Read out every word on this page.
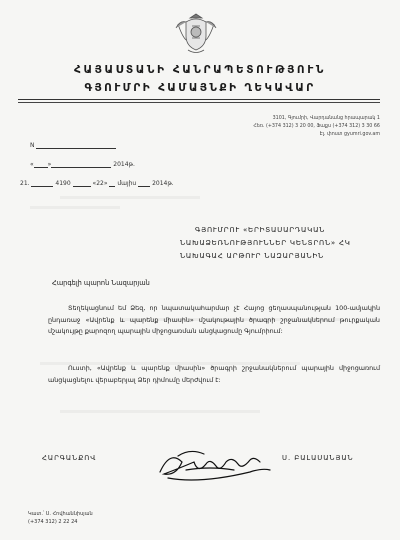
ՀԱՅԱՍՏԱՆԻ ՀԱՆՐԱՊԵՏՈՒԹՅՈՒՆ
ԳՅՈՒՄՐԻ ՀԱՄԱՅՆՔԻ ՂԵԿԱՎԱՐ
3101, Գյումրի, Վարդանանց հրապարակ 1
Հեռ. (+374 312) 3 20 00, Ֆաքս (+374 312) 3 30 66
Էլ. փոստ gyumri.gov.am
N
« »	2014թ.
21.	4190	«22» մայիս	2014թ.
ԳՅՈՒՄՐՈՒ «ԵՐԻՏԱՍԱՐԴԱԿԱՆ
ՆԱԽԱՁԵՌՆՈՒԹՅՈՒՆՆԵՐ ԿԵՆՏՐՈՆ» ՀԿ
ՆԱԽԱԳԱՀ ԱՐԹՈՒՐ ՆԱԶԱՐՅԱՆԻՆ
Հարգելի պարոն Նազարյան
Տեղեկացնում եմ Ձեզ, որ նպատակահարմար չէ Հայոց ցեղասպանության 100-ամյակին ընդառաջ «Ավրենք և պարենք միասին» մշակութային ծրագրի շրջանակներում թուրքական մշակույթը քարոզող պարային միջոցառման անցկացումը Գյումրիում:
Ուստի, «Ավրենք և պարենք միասին» ծրագրի շրջանակներում պարային միջոցառում անցկացնելու վերաբերյալ Ձեր դիմումը մերժվում է:
ՀԱՐԳԱՆՔՈՎ	Ս. ԲԱԼԱՍԱՆՅԱՆ
Կատ.՝ Ս. Հովհաննիսյան
(+374 312) 2 22 24
